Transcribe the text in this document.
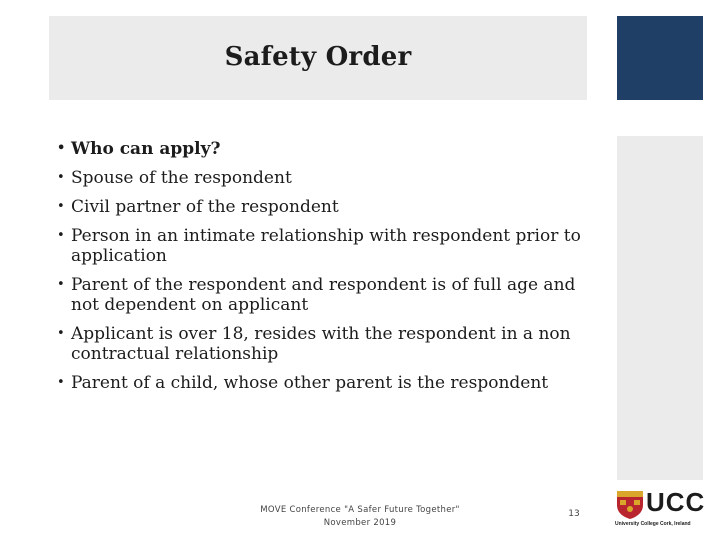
Safety Order
• Who can apply?
• Spouse of the respondent
• Civil partner of the respondent
• Person in an intimate relationship with respondent prior to application
• Parent of the respondent and respondent is of full age and not dependent on applicant
• Applicant is over 18, resides with the respondent in a non contractual relationship
• Parent of a child, whose other parent is the respondent
MOVE Conference "A Safer Future Together"
November 2019
13	UCC
University College Cork, Ireland
